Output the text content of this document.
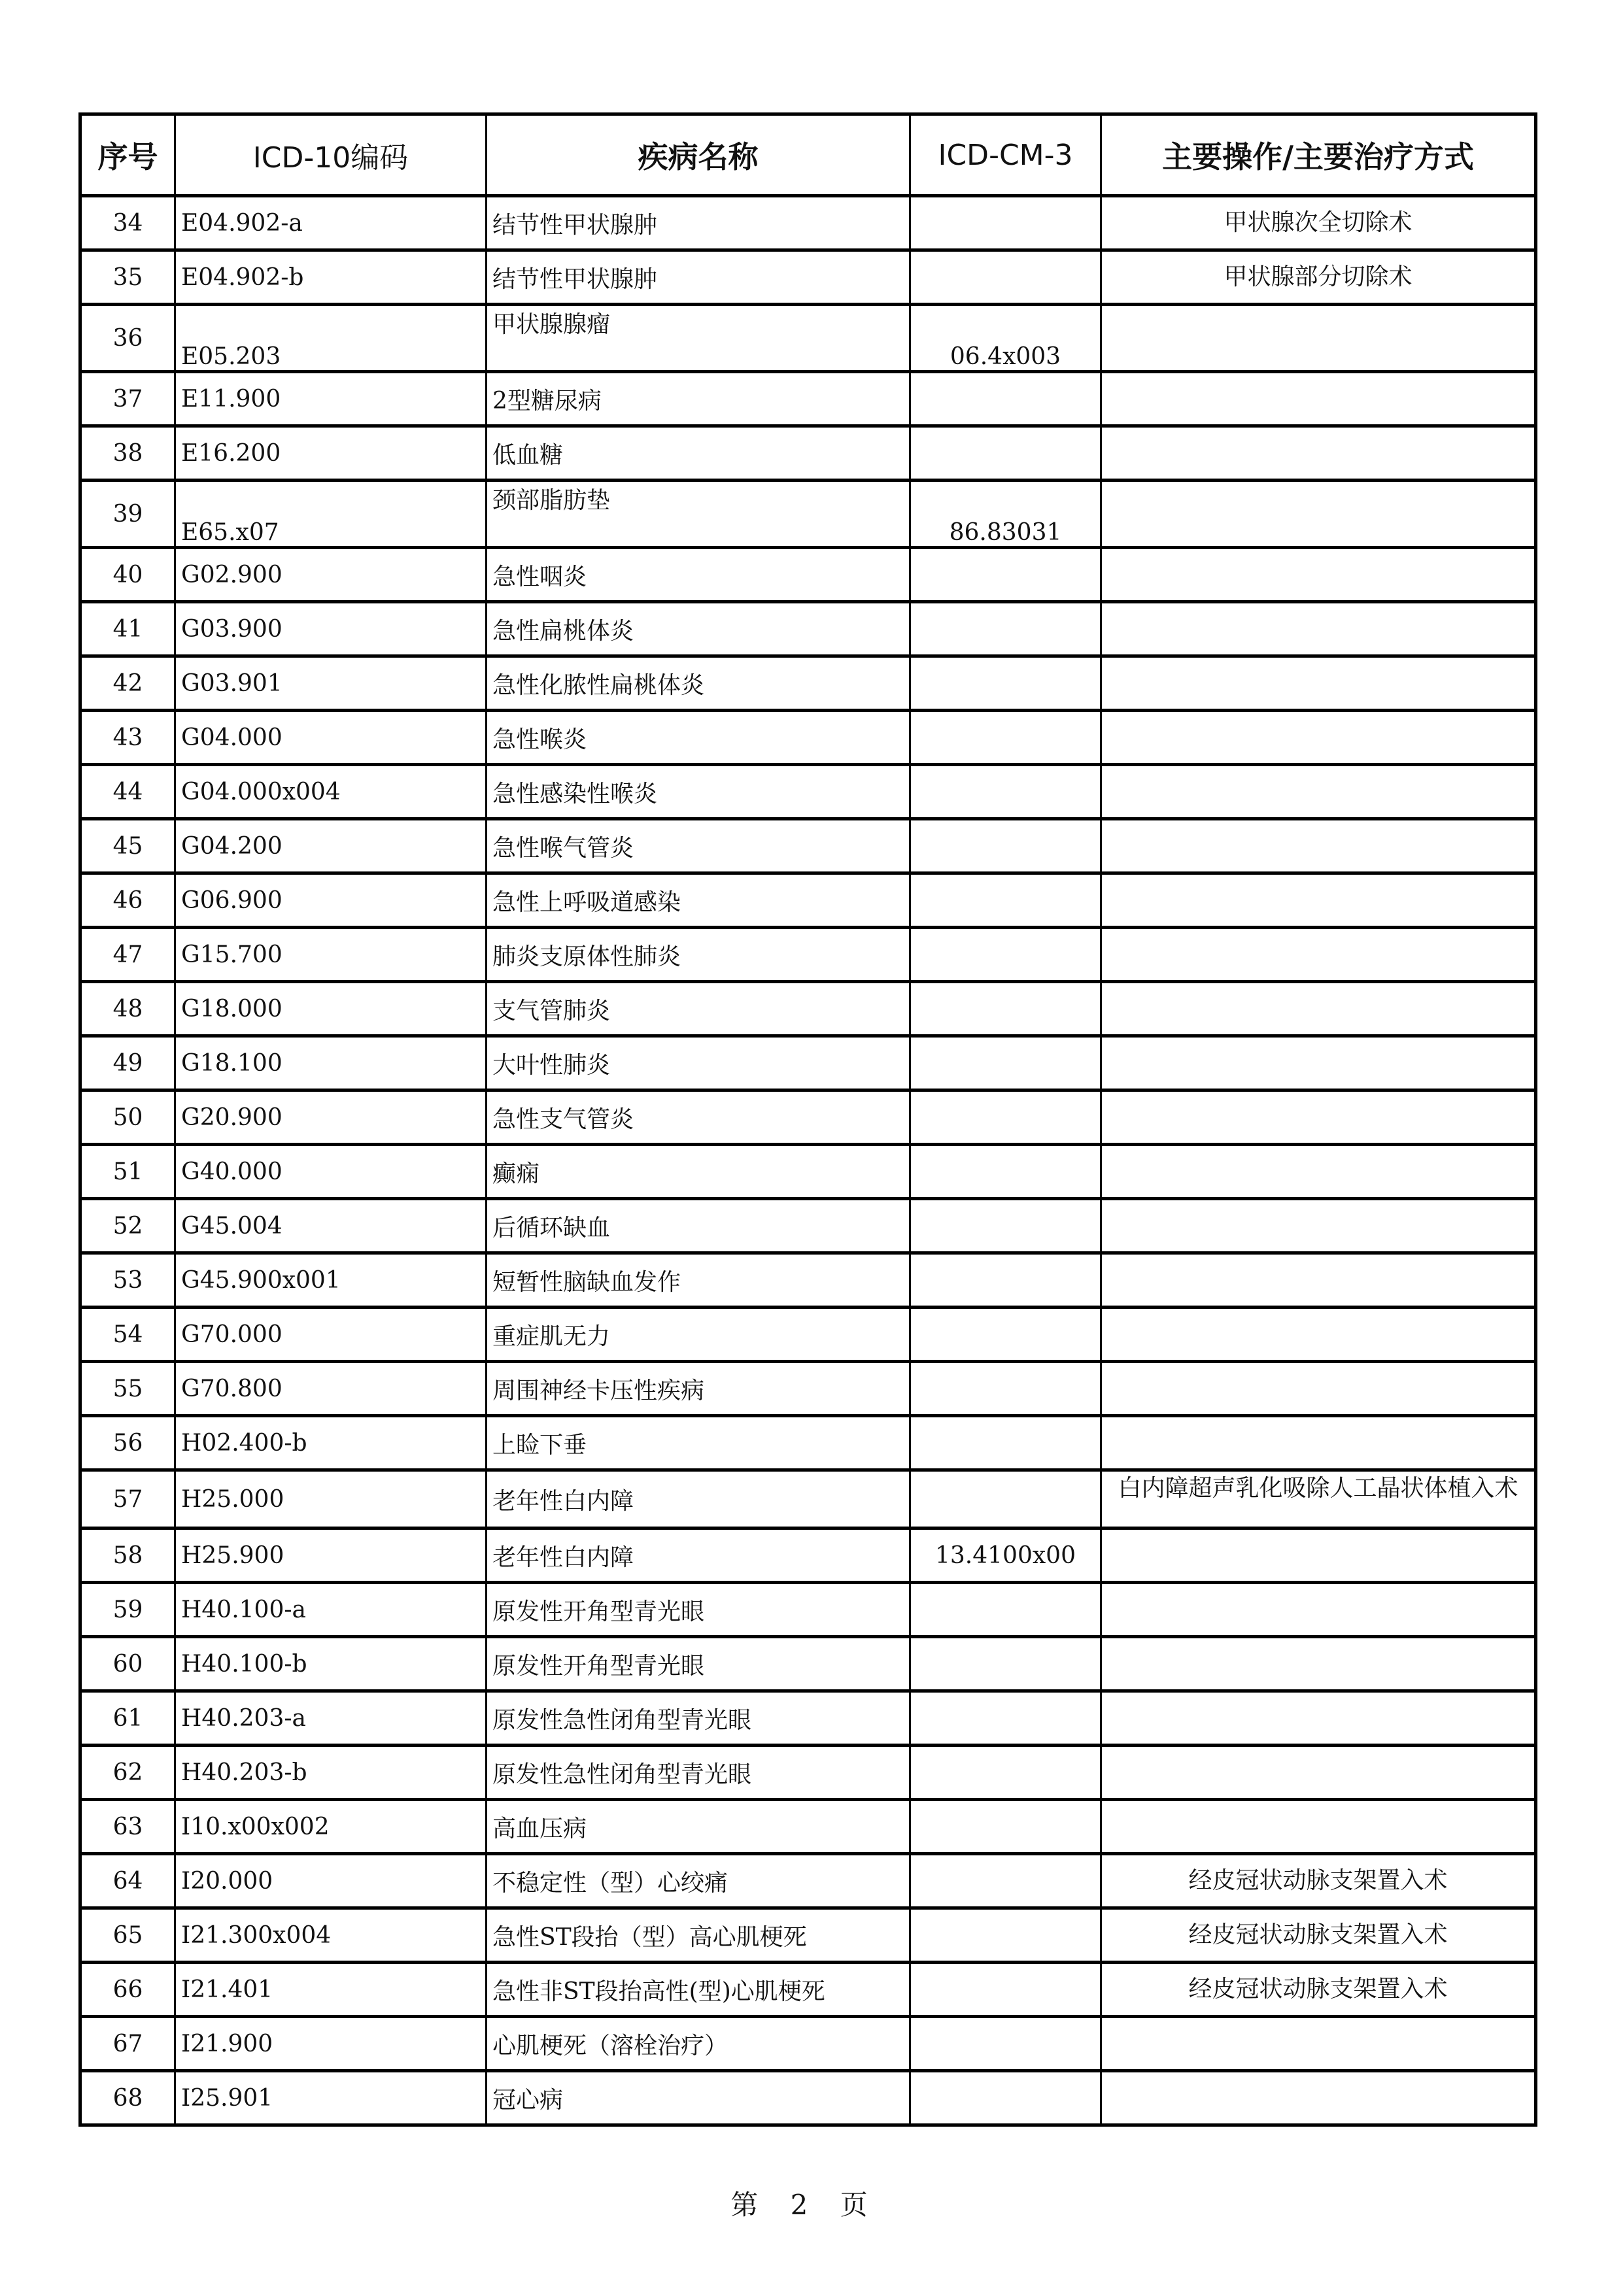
序号	ICD-10编码	疾病名称	ICD-CM-3	主要操作/主要治疗方式
34	E04.902-a	结节性甲状腺肿		甲状腺次全切除术
35	E04.902-b	结节性甲状腺肿		甲状腺部分切除术
36	E05.203	甲状腺腺瘤	06.4x003	
37	E11.900	2型糖尿病		
38	E16.200	低血糖		
39	E65.x07	颈部脂肪垫	86.83031	
40	G02.900	急性咽炎		
41	G03.900	急性扁桃体炎		
42	G03.901	急性化脓性扁桃体炎		
43	G04.000	急性喉炎		
44	G04.000x004	急性感染性喉炎		
45	G04.200	急性喉气管炎		
46	G06.900	急性上呼吸道感染		
47	G15.700	肺炎支原体性肺炎		
48	G18.000	支气管肺炎		
49	G18.100	大叶性肺炎		
50	G20.900	急性支气管炎		
51	G40.000	癫痫		
52	G45.004	后循环缺血		
53	G45.900x001	短暂性脑缺血发作		
54	G70.000	重症肌无力		
55	G70.800	周围神经卡压性疾病		
56	H02.400-b	上睑下垂		
57	H25.000	老年性白内障		白内障超声乳化吸除人工晶状体植入术
58	H25.900	老年性白内障	13.4100x00	
59	H40.100-a	原发性开角型青光眼		
60	H40.100-b	原发性开角型青光眼		
61	H40.203-a	原发性急性闭角型青光眼		
62	H40.203-b	原发性急性闭角型青光眼		
63	I10.x00x002	高血压病		
64	I20.000	不稳定性（型）心绞痛		经皮冠状动脉支架置入术
65	I21.300x004	急性ST段抬（型）高心肌梗死		经皮冠状动脉支架置入术
66	I21.401	急性非ST段抬高性(型)心肌梗死		经皮冠状动脉支架置入术
67	I21.900	心肌梗死（溶栓治疗）		
68	I25.901	冠心病		
第 2 页
